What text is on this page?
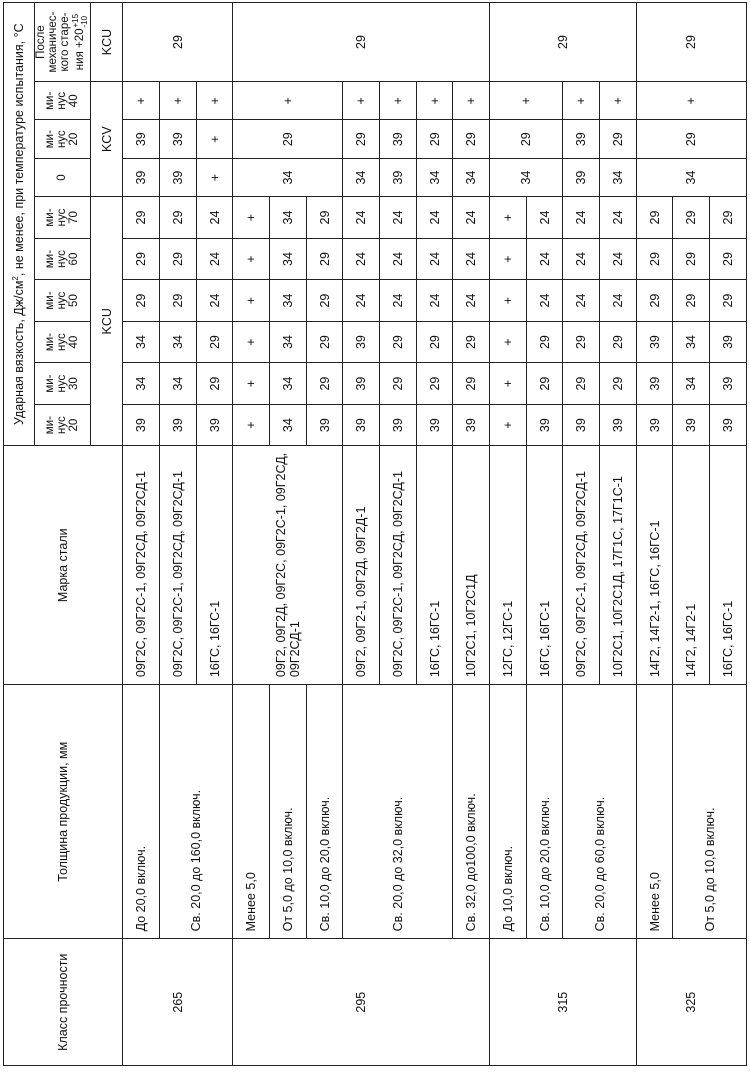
Класс прочности	Толщина продукции, мм	Марка стали	Ударная вязкость, $Дж/см^2$, не менее, при температуре испытания, °С									
			ми-нус 20	ми-нус 30	ми-нус 40	ми-нус 50	ми-нус 60	ми-нус 70	0	ми-нус 20	ми-нус 40	После механичес-кого старе-ния +20
+15 -10

			KCU						KCV			KCU
265	До 20,0 включ.	09Г2С, 09Г2С-1, 09Г2СД, 09Г2СД-1	39	34	34	29	29	29	39	39	+	29
	Св. 20,0 до 160,0 включ.	09Г2С, 09Г2С-1, 09Г2СД, 09Г2СД-1	39	34	34	29	29	29	39	39	+	
		16ГС, 16ГС-1	39	29	29	24	24	24	+	+	+	
295	Менее 5,0	09Г2, 09Г2Д, 09Г2С, 09Г2С-1, 09Г2СД, 09Г2СД-1	+	+	+	+	+	+	34	29	+	29
	От 5,0 до 10,0 включ.		34	34	34	34	34	34				
	Св. 10,0 до 20,0 включ.		39	29	29	29	29	29				
	Св. 20,0 до 32,0 включ.	09Г2, 09Г2-1, 09Г2Д, 09Г2Д-1	39	39	39	24	24	24	34	29	+	
		09Г2С, 09Г2С-1, 09Г2СД, 09Г2СД-1	39	29	29	24	24	24	39	39	+	
		16ГС, 16ГС-1	39	29	29	24	24	24	34	29	+	
	Св. 32,0 до100,0 включ.	10Г2С1, 10Г2С1Д	39	29	29	24	24	24	34	29	+	
315	До 10,0 включ.	12ГС, 12ГС-1	+	+	+	+	+	+	34	29	+	29
	Св. 10,0 до 20,0 включ.	16ГС, 16ГС-1	39	29	29	24	24	24				
	Св. 20,0 до 60,0 включ.	09Г2С, 09Г2С-1, 09Г2СД, 09Г2СД-1	39	29	29	24	24	24	39	39	+	
		10Г2С1, 10Г2С1Д, 17Г1С, 17Г1С-1	39	29	29	24	24	24	34	29	+	
325	Менее 5,0	14Г2, 14Г2-1, 16ГС, 16ГС-1	39	39	39	29	29	29	34	29	+	29
	От 5,0 до 10,0 включ.	14Г2, 14Г2-1	39	34	34	29	29	29				
		16ГС, 16ГС-1	39	39	39	29	29	29				
